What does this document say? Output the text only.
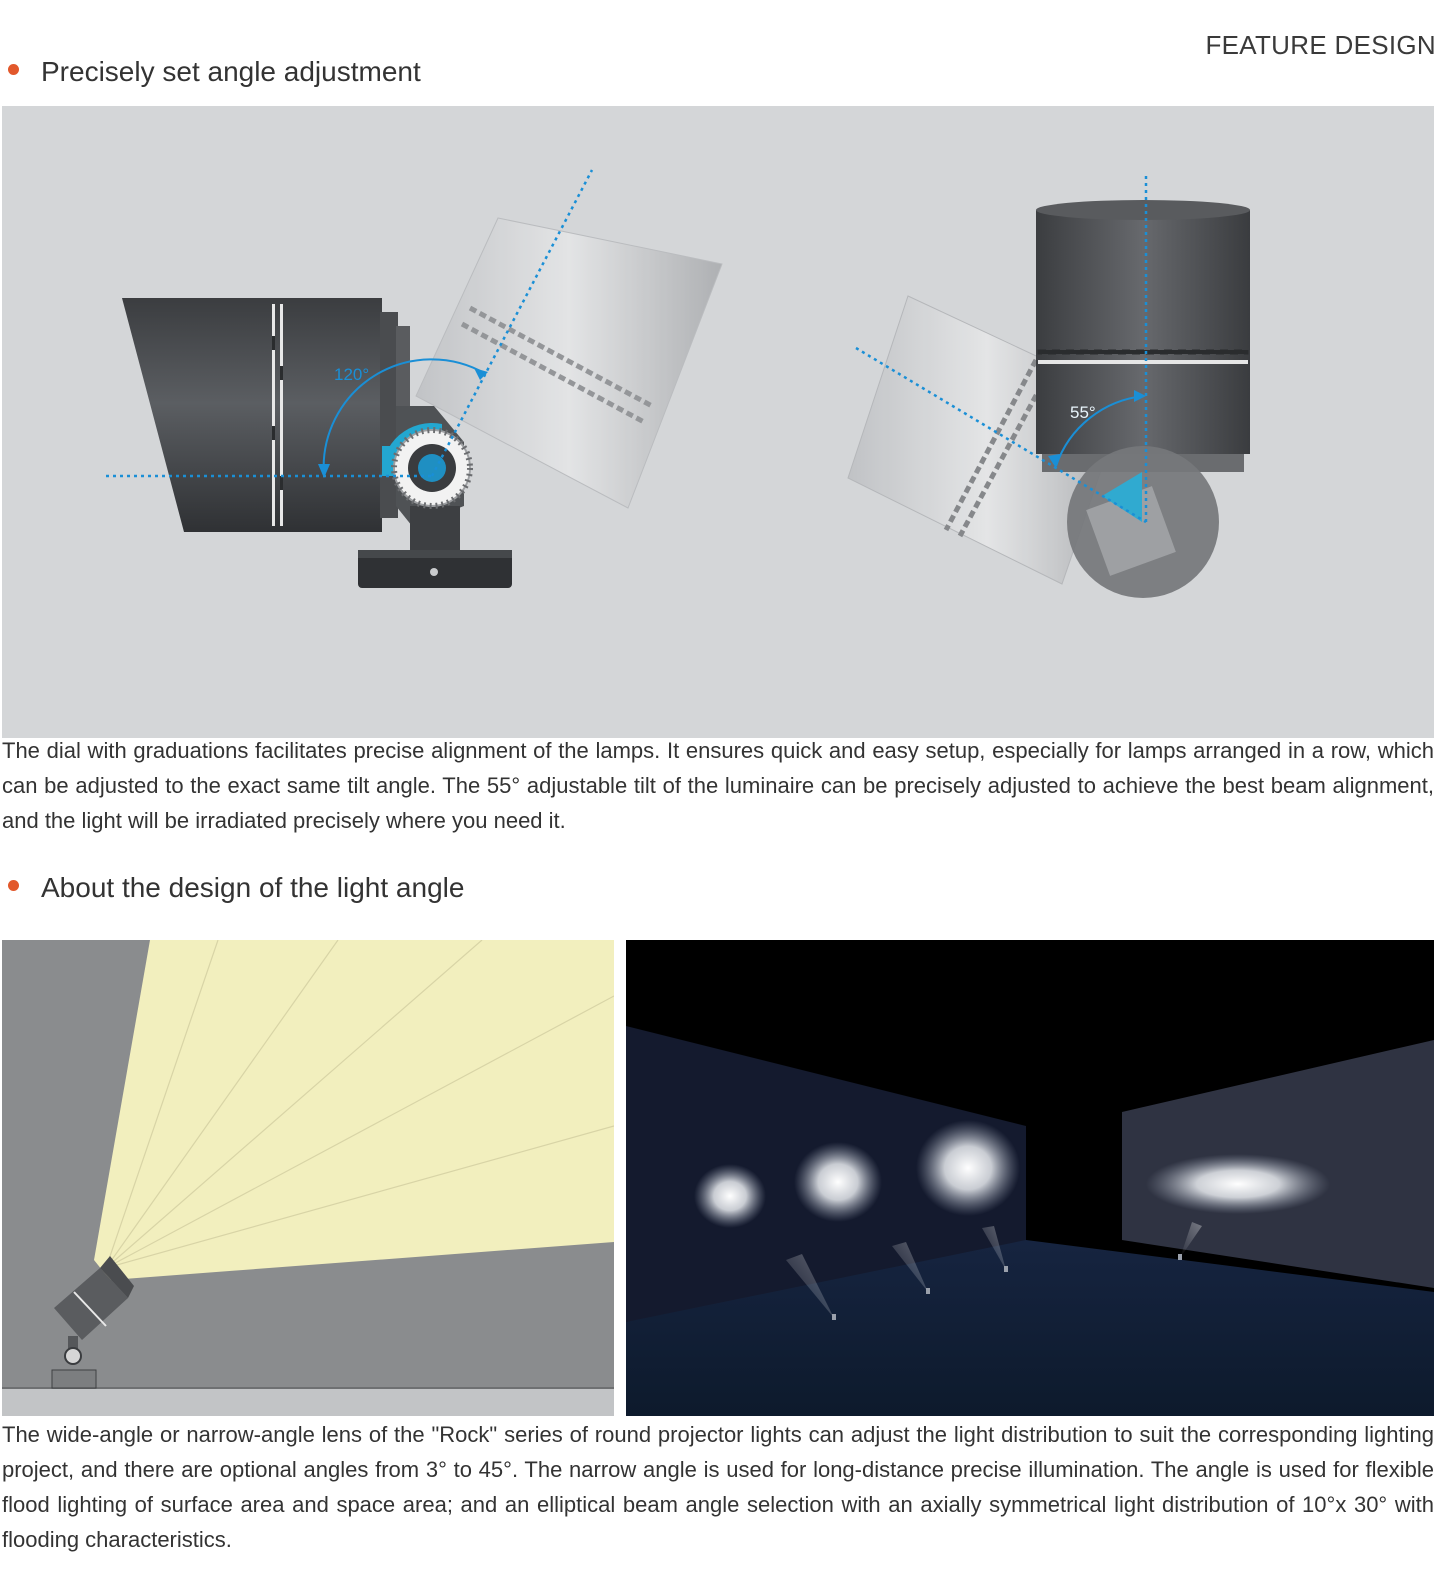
FEATURE DESIGN
Precisely set angle adjustment
120°
55°

The dial with graduations facilitates precise alignment of the lamps. It ensures quick and easy setup, especially for lamps arranged in a row, which can be adjusted to the exact same tilt angle. The 55° adjustable tilt of the luminaire can be precisely adjusted to achieve the best beam alignment, and the light will be irradiated precisely where you need it.

About the design of the light angle

The wide-angle or narrow-angle lens of the "Rock" series of round projector lights can adjust the light distribution to suit the corresponding lighting project, and there are optional angles from 3° to 45°. The narrow angle is used for long-distance precise illumination. The angle is used for flexible flood lighting of surface area and space area; and an elliptical beam angle selection with an axially symmetrical light distribution of 10°x 30° with flooding characteristics.
